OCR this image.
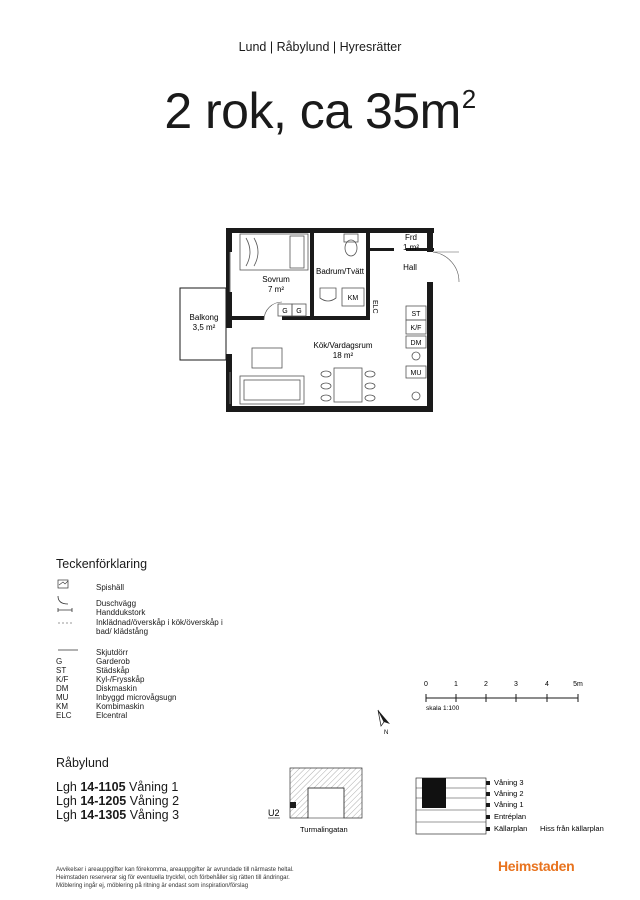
Lund | Råbylund | Hyresrätter
2 rok, ca $35m^2$
G G
KM
ELC
ST
K/F
DM
MU
Sovrum
7 m²
Badrum/Tvätt
Frd
1 m²
Hall
Balkong
3,5 m²
Kök/Vardagsrum
18 m²
Teckenförklaring
Spishäll
Duschvägg
Handdukstork
Inklädnad/överskåp i kök/överskåp i bad/ klädstång
Skjutdörr
G	Garderob
ST	Städskåp
K/F	Kyl-/Frysskåp
DM	Diskmaskin
MU	Inbyggd microvågsugn
KM	Kombimaskin
ELC	Elcentral
0	1	2	3	4	5m
skala 1:100
N
Råbylund
Lgh 14-1105 Våning 1
Lgh 14-1205 Våning 2
Lgh 14-1305 Våning 3	U2
Turmalingatan
Våning 3
Våning 2
Våning 1
Entréplan
Källarplan Hiss från källarplan
Avvikelser i areauppgifter kan förekomma, areauppgifter är avrundade till närmaste heltal.
Heimstaden reserverar sig för eventuella tryckfel, och förbehåller sig rätten till ändringar.
Möblering ingår ej, möblering på ritning är endast som inspiration/förslag
Heimstaden
